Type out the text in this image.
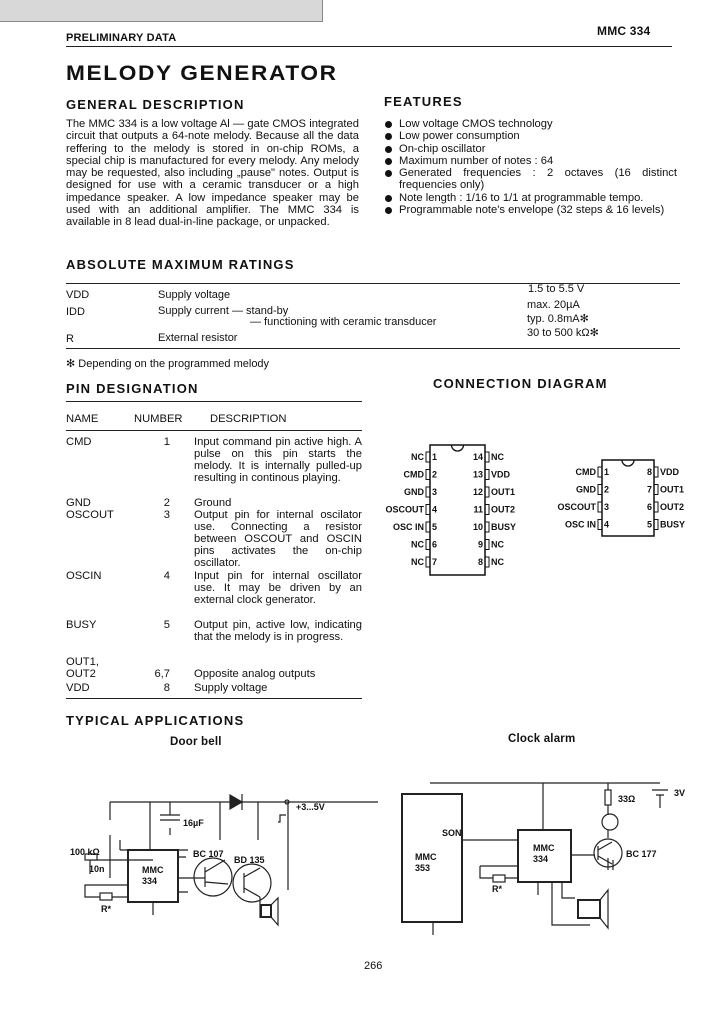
PRELIMINARY DATA	MMC 334
MELODY GENERATOR
GENERAL DESCRIPTION
The MMC 334 is a low voltage Al — gate CMOS integrated circuit that outputs a 64-note melody. Because all the data reffering to the melody is stored in on-chip ROMs, a special chip is manufactured for every melody. Any melody may be requested, also including „pause" notes. Output is designed for use with a ceramic transducer or a high impedance speaker. A low impedance speaker may be used with an additional amplifier. The MMC 334 is available in 8 lead dual-in-line package, or unpacked.
FEATURES
Low voltage CMOS technology
Low power consumption
On-chip oscillator
Maximum number of notes : 64
Generated frequencies : 2 octaves (16 distinct frequencies only)
Note length : 1/16 to 1/1 at programmable tempo.
Programmable note's envelope (32 steps & 16 levels)
ABSOLUTE MAXIMUM RATINGS
VDD	Supply voltage	1.5 to 5.5 V
IDD	Supply current — stand-by	max. 20µA
— functioning with ceramic transducer	typ. 0.8mA✻
R	External resistor	30 to 500 kΩ✻
✻ Depending on the programmed melody
PIN DESIGNATION
NAME	NUMBER DESCRIPTION
CMD	1 Input command pin active high. A pulse on this pin starts the melody. It is internally pulled-up resulting in continous playing.
GND	2 Ground
OSCOUT	3 Output pin for internal oscilator use. Connecting a resistor between OSCOUT and OSCIN pins activates the on-chip oscillator.
OSCIN	4 Input pin for internal oscillator use. It may be driven by an external clock generator.
BUSY	5 Output pin, active low, indicating that the melody is in progress.
OUT1, OUT2	6,7 Opposite analog outputs
VDD	8 Supply voltage
CONNECTION DIAGRAM
1
NC
2
CMD
3
GND
4
OSCOUT
5
OSC IN
6
NC
7
NC
14 NC
13 VDD
12 OUT1
11 OUT2
10 BUSY
9 NC
8 NC
1
CMD
2
GND
3
OSCOUT
4
OSC IN
8 VDD
7 OUT1
6 OUT2
5 BUSY
TYPICAL APPLICATIONS
Door bell	Clock alarm
+3...5V
16µF
100 kΩ
10n
R*
MMC
334
BC 107
BD 135
3V
33Ω
MMC
334
MMC
353
SON
BC 177
R*
266
